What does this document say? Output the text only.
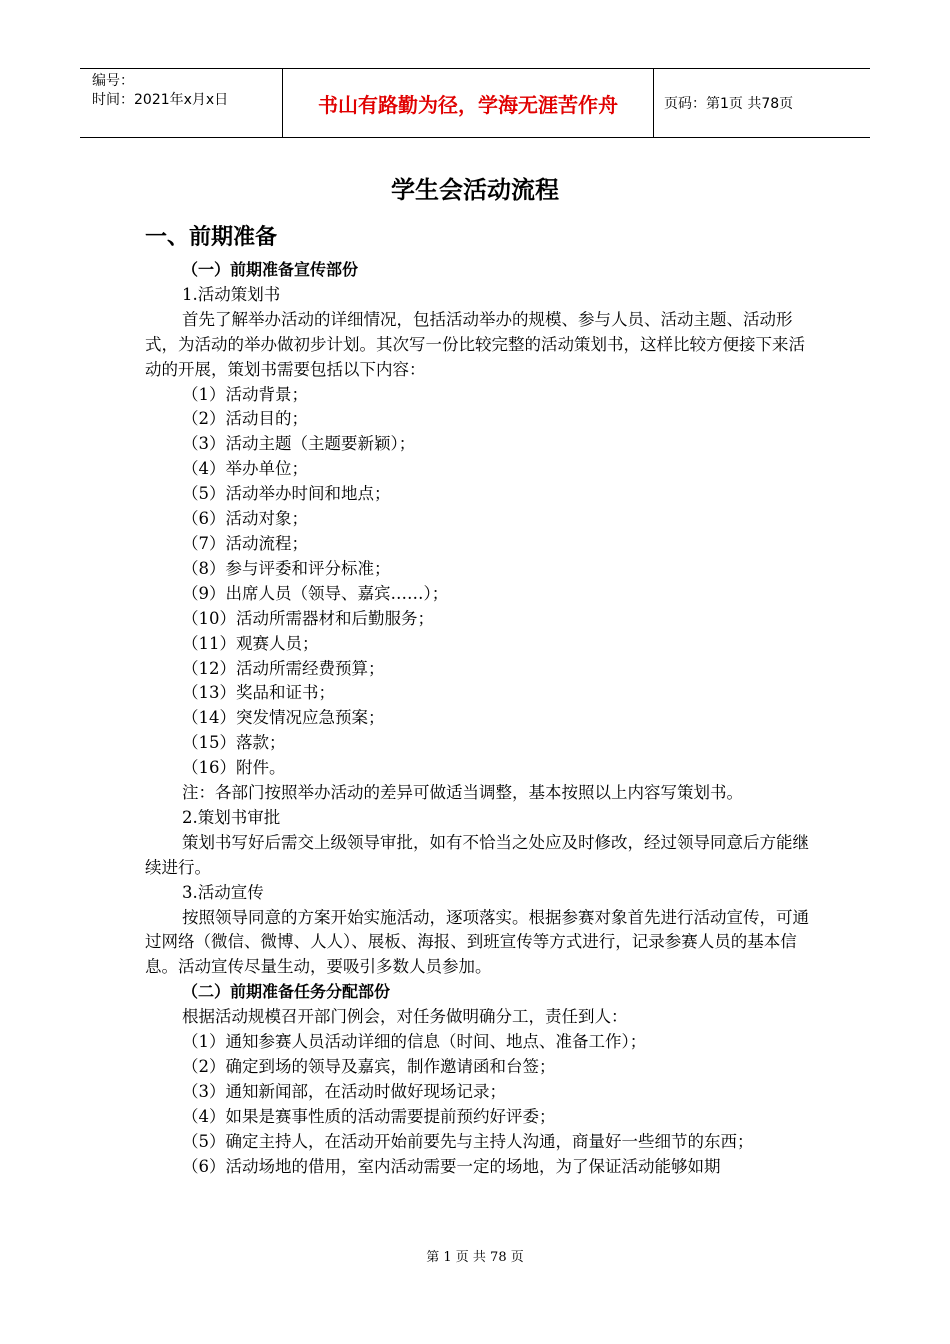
编号：
时间：2021年x月x日	书山有路勤为径，学海无涯苦作舟	页码：第1页 共78页
学生会活动流程
一、前期准备

（一）前期准备宣传部份

1.活动策划书

首先了解举办活动的详细情况，包括活动举办的规模、参与人员、活动主题、活动形式，为活动的举办做初步计划。其次写一份比较完整的活动策划书，这样比较方便接下来活动的开展，策划书需要包括以下内容：

（1）活动背景；

（2）活动目的；

（3）活动主题（主题要新颖）；

（4）举办单位；

（5）活动举办时间和地点；

（6）活动对象；

（7）活动流程；

（8）参与评委和评分标准；

（9）出席人员（领导、嘉宾……）；

（10）活动所需器材和后勤服务；

（11）观赛人员；

（12）活动所需经费预算；

（13）奖品和证书；

（14）突发情况应急预案；

（15）落款；

（16）附件。

注：各部门按照举办活动的差异可做适当调整，基本按照以上内容写策划书。

2.策划书审批

策划书写好后需交上级领导审批，如有不恰当之处应及时修改，经过领导同意后方能继续进行。

3.活动宣传

按照领导同意的方案开始实施活动，逐项落实。根据参赛对象首先进行活动宣传，可通过网络（微信、微博、人人）、展板、海报、到班宣传等方式进行，记录参赛人员的基本信息。活动宣传尽量生动，要吸引多数人员参加。

（二）前期准备任务分配部份

根据活动规模召开部门例会，对任务做明确分工，责任到人：

（1）通知参赛人员活动详细的信息（时间、地点、准备工作）；

（2）确定到场的领导及嘉宾，制作邀请函和台签；

（3）通知新闻部，在活动时做好现场记录；

（4）如果是赛事性质的活动需要提前预约好评委；

（5）确定主持人，在活动开始前要先与主持人沟通，商量好一些细节的东西；

（6）活动场地的借用，室内活动需要一定的场地，为了保证活动能够如期

第 1 页 共 78 页
